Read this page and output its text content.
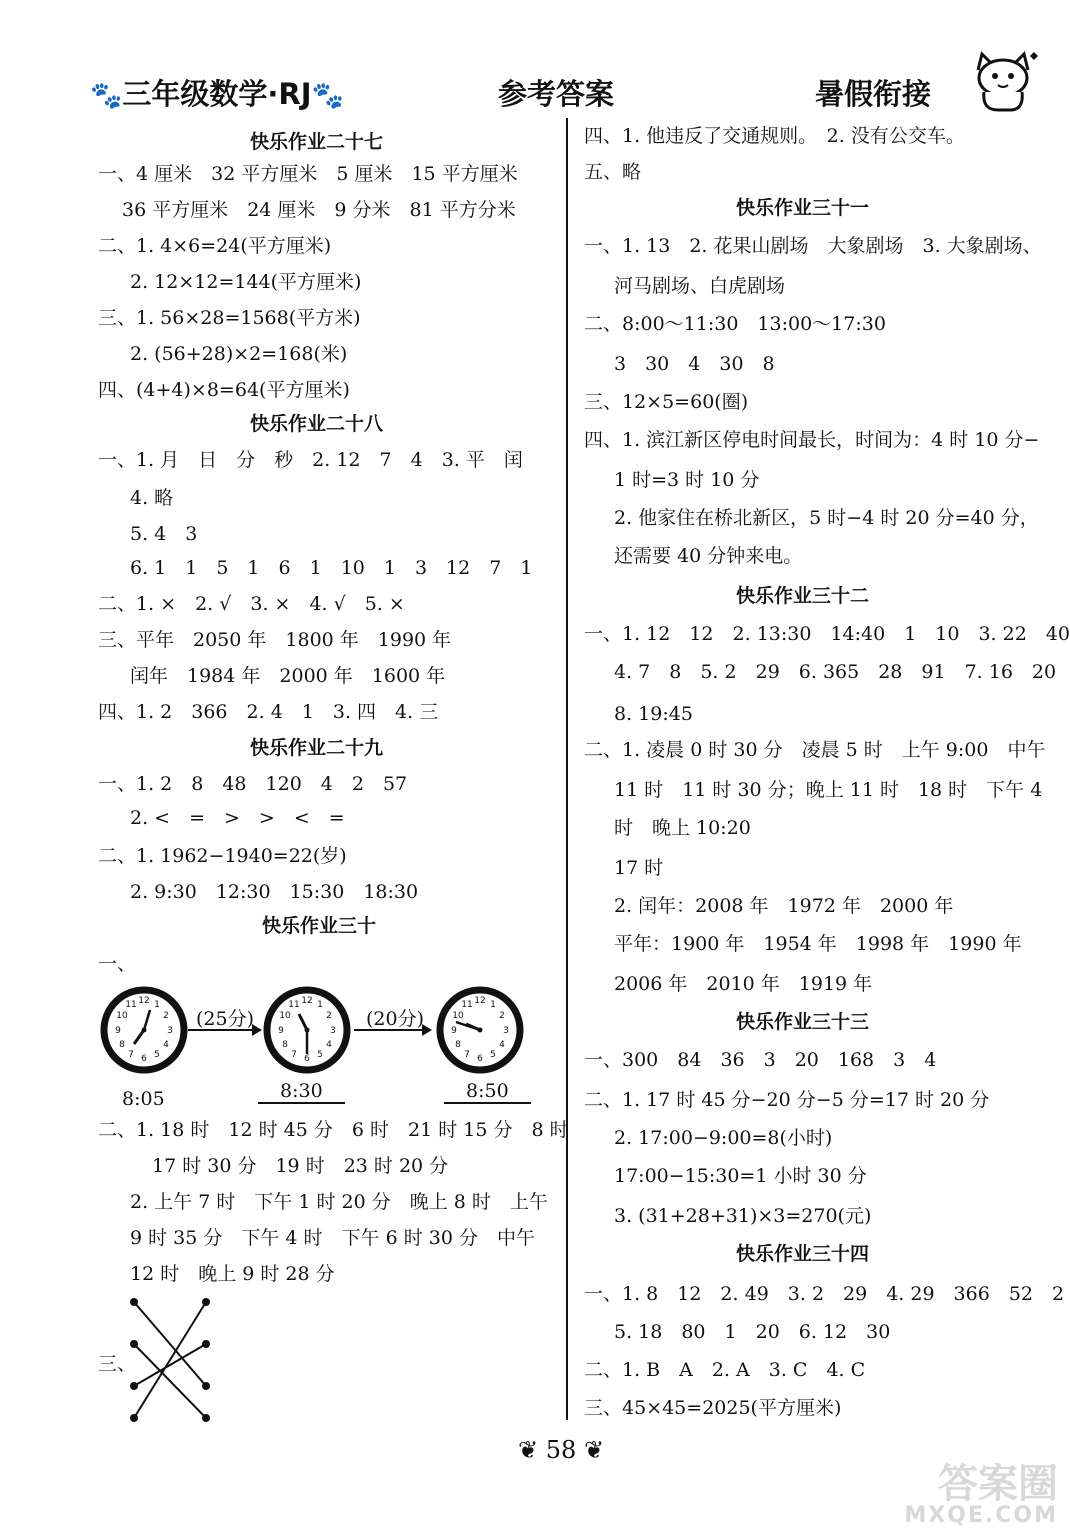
🐾三年级数学·RJ🐾	参考答案	暑假衔接
快乐作业二十七
一、4 厘米　32 平方厘米　5 厘米　15 平方厘米
36 平方厘米　24 厘米　9 分米　81 平方分米
二、1. 4×6=24(平方厘米)
2. 12×12=144(平方厘米)
三、1. 56×28=1568(平方米)
2. (56+28)×2=168(米)
四、(4+4)×8=64(平方厘米)
快乐作业二十八
一、1. 月　日　分　秒　2. 12　7　4　3. 平　闰
4. 略
5. 4　3
6. 1　1　5　1　6　1　10　1　3　12　7　1
二、1. ×　2. √　3. ×　4. √　5. ×
三、平年　2050 年　1800 年　1990 年
闰年　1984 年　2000 年　1600 年
四、1. 2　366　2. 4　1　3. 四　4. 三
快乐作业二十九
一、1. 2　8　48　120　4　2　57
2. <　=　>　>　<　=
二、1. 1962−1940=22(岁)
2. 9:30　12:30　15:30　18:30
快乐作业三十
一、
12 1
2
3
4
5
6
7
8
9
10
11
(25分)
12 1
2
3
4
5
6
7
8
9
10
11
(20分)
12 1
2
3
4
5
6
7
8
9
10
11
8:05	8:30	8:50
二、1. 18 时　12 时 45 分　6 时　21 时 15 分　8 时
17 时 30 分　19 时　23 时 20 分
2. 上午 7 时　下午 1 时 20 分　晚上 8 时　上午
9 时 35 分　下午 4 时　下午 6 时 30 分　中午
12 时　晚上 9 时 28 分
三、
四、1. 他违反了交通规则。　2. 没有公交车。
五、略
快乐作业三十一
一、1. 13　2. 花果山剧场　大象剧场　3. 大象剧场、
河马剧场、白虎剧场
二、8:00～11:30　13:00～17:30
3　30　4　30　8
三、12×5=60(圈)
四、1. 滨江新区停电时间最长，时间为：4 时 10 分−
1 时=3 时 10 分
2. 他家住在桥北新区，5 时−4 时 20 分=40 分，
还需要 40 分钟来电。
快乐作业三十二
一、1. 12　12　2. 13:30　14:40　1　10　3. 22　40
4. 7　8　5. 2　29　6. 365　28　91　7. 16　20
8. 19:45
二、1. 凌晨 0 时 30 分　凌晨 5 时　上午 9:00　中午
11 时　11 时 30 分；晚上 11 时　18 时　下午 4
时　晚上 10:20
17 时
2. 闰年：2008 年　1972 年　2000 年
平年：1900 年　1954 年　1998 年　1990 年
2006 年　2010 年　1919 年
快乐作业三十三
一、300　84　36　3　20　168　3　4
二、1. 17 时 45 分−20 分−5 分=17 时 20 分
2. 17:00−9:00=8(小时)
17:00−15:30=1 小时 30 分
3. (31+28+31)×3=270(元)
快乐作业三十四
一、1. 8　12　2. 49　3. 2　29　4. 29　366　52　2
5. 18　80　1　20　6. 12　30
二、1. B　A　2. A　3. C　4. C
三、45×45=2025(平方厘米)
❦ 58 ❦
答案圈
MXQE.COM
